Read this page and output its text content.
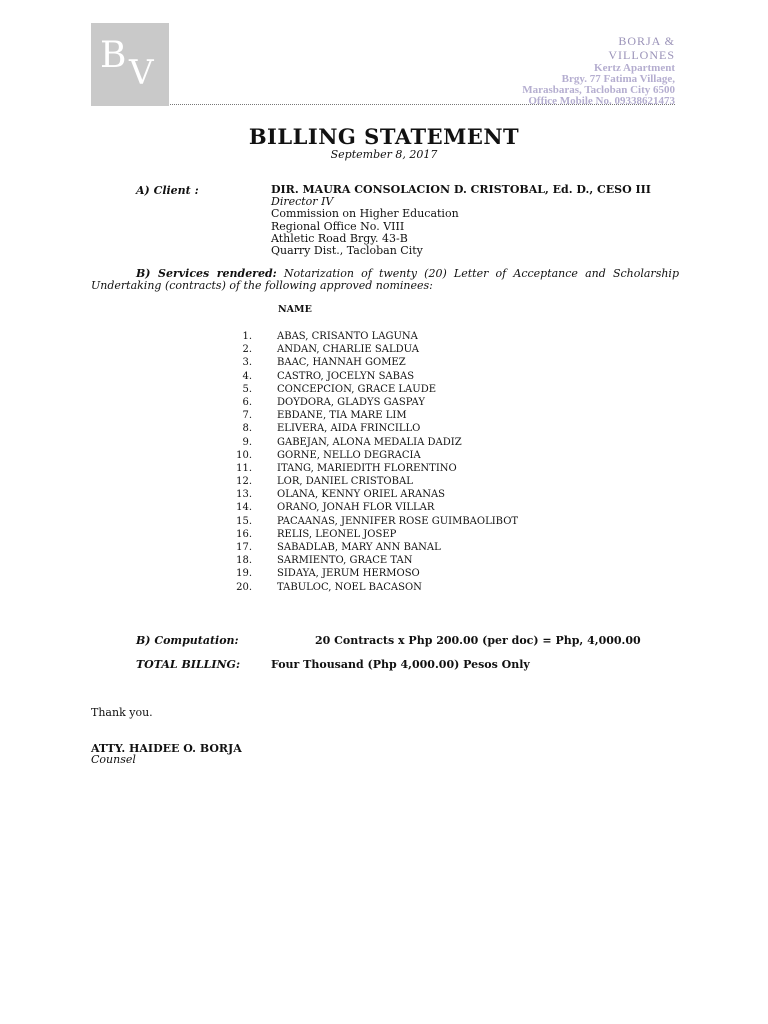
B V
BORJA &
VILLONES
Kertz Apartment
Brgy. 77 Fatima Village,
Marasbaras, Tacloban City 6500
Office Mobile No. 09338621473
BILLING STATEMENT
September 8, 2017
A) Client :	DIR. MAURA CONSOLACION D. CRISTOBAL, Ed. D., CESO III
Director IV
Commission on Higher Education
Regional Office No. VIII
Athletic Road Brgy. 43-B
Quarry Dist., Tacloban City
B) Services rendered: Notarization of twenty (20) Letter of Acceptance and Scholarship Undertaking (contracts) of the following approved nominees:
NAME
1.	ABAS, CRISANTO LAGUNA
2.	ANDAN, CHARLIE SALDUA
3.	BAAC, HANNAH GOMEZ
4.	CASTRO, JOCELYN SABAS
5.	CONCEPCION, GRACE LAUDE
6.	DOYDORA, GLADYS GASPAY
7.	EBDANE, TIA MARE LIM
8.	ELIVERA, AIDA FRINCILLO
9.	GABEJAN, ALONA MEDALIA DADIZ
10.	GORNE, NELLO DEGRACIA
11.	ITANG, MARIEDITH FLORENTINO
12.	LOR, DANIEL CRISTOBAL
13.	OLANA, KENNY ORIEL ARANAS
14.	ORANO, JONAH FLOR VILLAR
15.	PACAANAS, JENNIFER ROSE GUIMBAOLIBOT
16.	RELIS, LEONEL JOSEP
17.	SABADLAB, MARY ANN BANAL
18.	SARMIENTO, GRACE TAN
19.	SIDAYA, JERUM HERMOSO
20.	TABULOC, NOEL BACASON
B) Computation:	20 Contracts x Php 200.00 (per doc) = Php, 4,000.00
TOTAL BILLING:	Four Thousand (Php 4,000.00) Pesos Only
Thank you.
ATTY. HAIDEE O. BORJA
Counsel
